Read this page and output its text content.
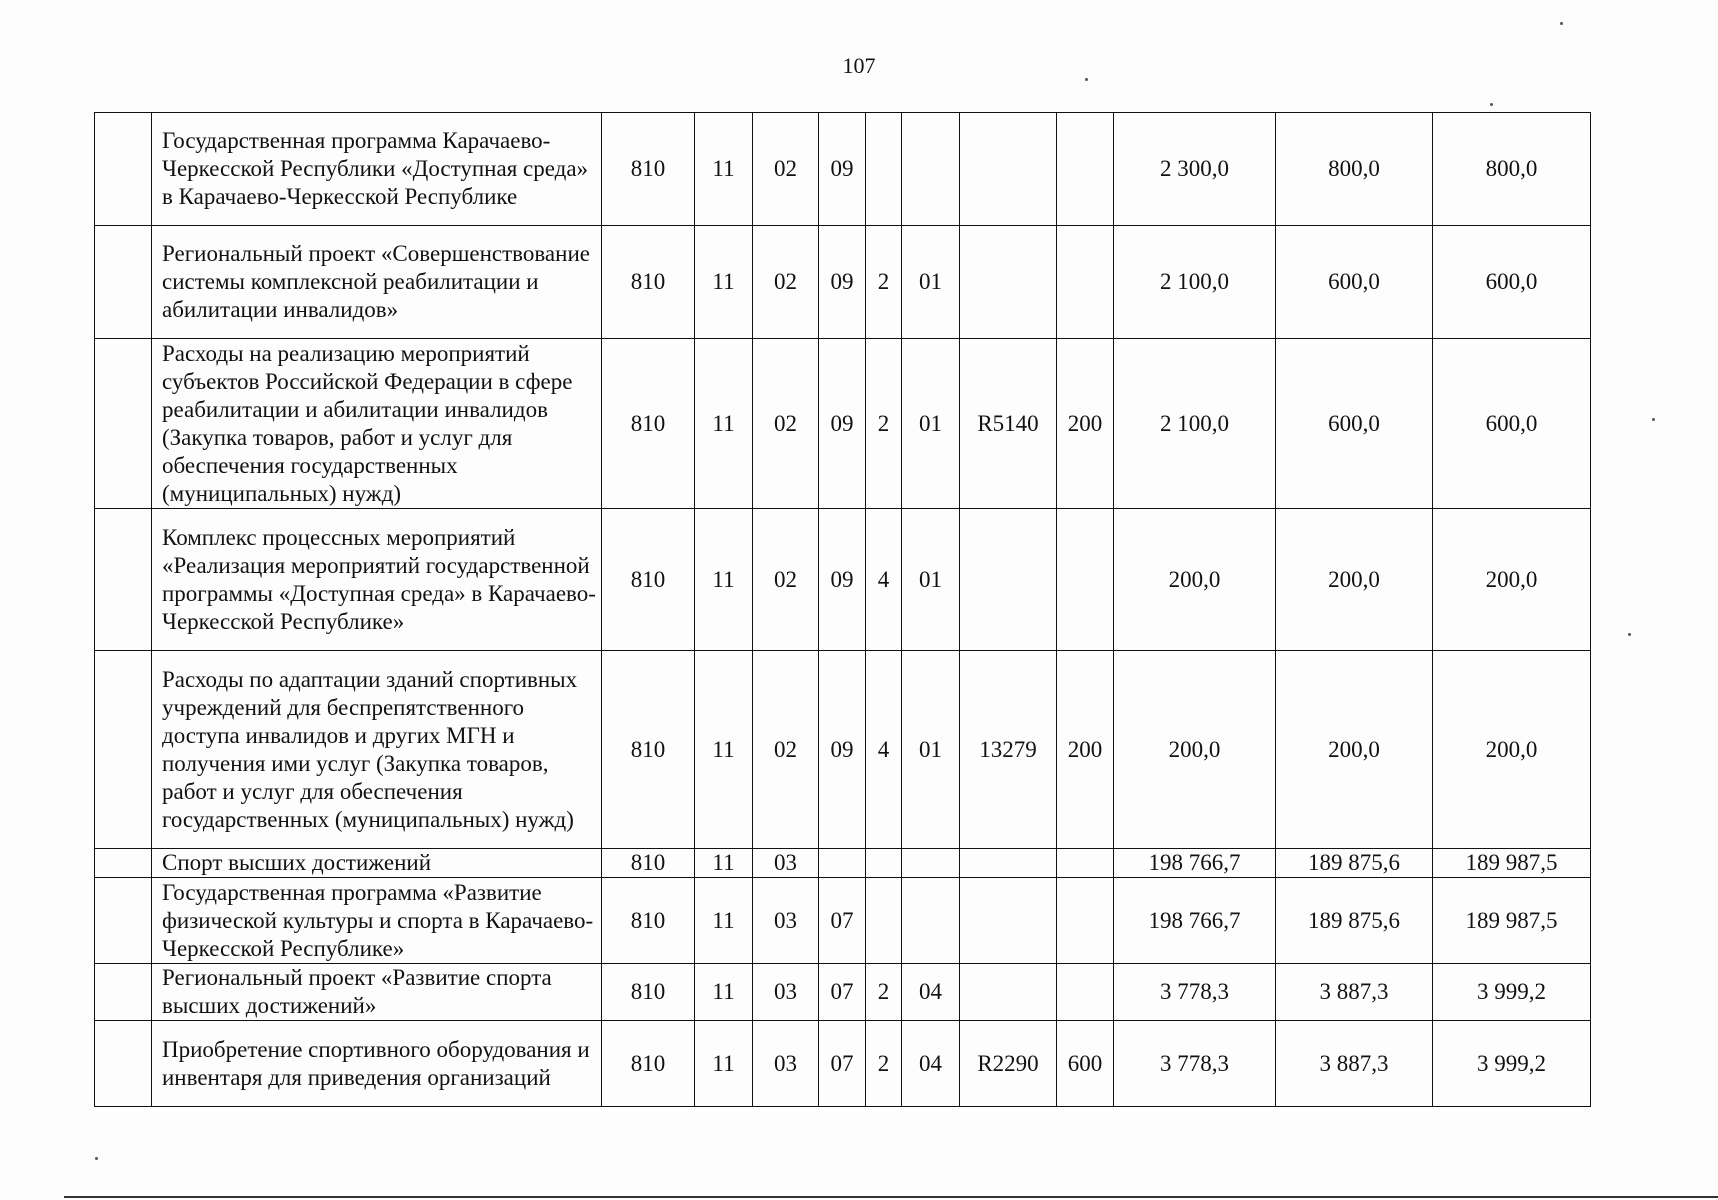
107
	Государственная программа Карачаево-Черкесской Республики «Доступная среда» в Карачаево-Черкесской Республике	810	11	02	09					2 300,0	800,0	800,0
	Региональный проект «Совершенствование системы комплексной реабилитации и абилитации инвалидов»	810	11	02	09	2	01			2 100,0	600,0	600,0
	Расходы на реализацию мероприятий субъектов Российской Федерации в сфере реабилитации и абилитации инвалидов (Закупка товаров, работ и услуг для обеспечения государственных (муниципальных) нужд)	810	11	02	09	2	01	R5140	200	2 100,0	600,0	600,0
	Комплекс процессных мероприятий «Реализация мероприятий государственной программы «Доступная среда» в Карачаево-Черкесской Республике»	810	11	02	09	4	01			200,0	200,0	200,0
	Расходы по адаптации зданий спортивных учреждений для беспрепятственного доступа инвалидов и других МГН и получения ими услуг (Закупка товаров, работ и услуг для обеспечения государственных (муниципальных) нужд)	810	11	02	09	4	01	13279	200	200,0	200,0	200,0
	Спорт высших достижений	810	11	03						198 766,7	189 875,6	189 987,5
	Государственная программа «Развитие физической культуры и спорта в Карачаево-Черкесской Республике»	810	11	03	07					198 766,7	189 875,6	189 987,5
	Региональный проект «Развитие спорта высших достижений»	810	11	03	07	2	04			3 778,3	3 887,3	3 999,2
	Приобретение спортивного оборудования и инвентаря для приведения организаций	810	11	03	07	2	04	R2290	600	3 778,3	3 887,3	3 999,2
